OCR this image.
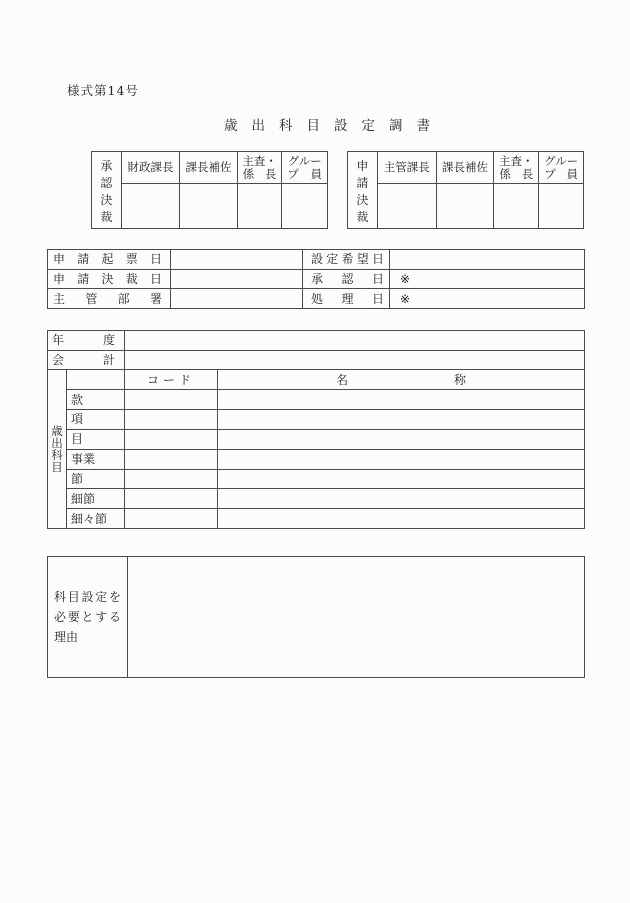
様式第14号
歳出科目設定調書
承
認
決
裁
財政課長 課長補佐 主査・
係 長
グルー
プ 員
申
請
決
裁
主管課長 課長補佐 主査・
係 長
グルー
プ 員
申 請 起 票 日		設 定 希 望 日	

申 請 決 裁 日		承 認 日	※

主 管 部 署		処 理 日	※
年 度			

会 計			

歳
出
科
目		コード	名 称

	款		

	項		

	目		

	事業		

	節		

	細節		

	細々節		

科 目 設 定 を
必 要 と す る
理由
